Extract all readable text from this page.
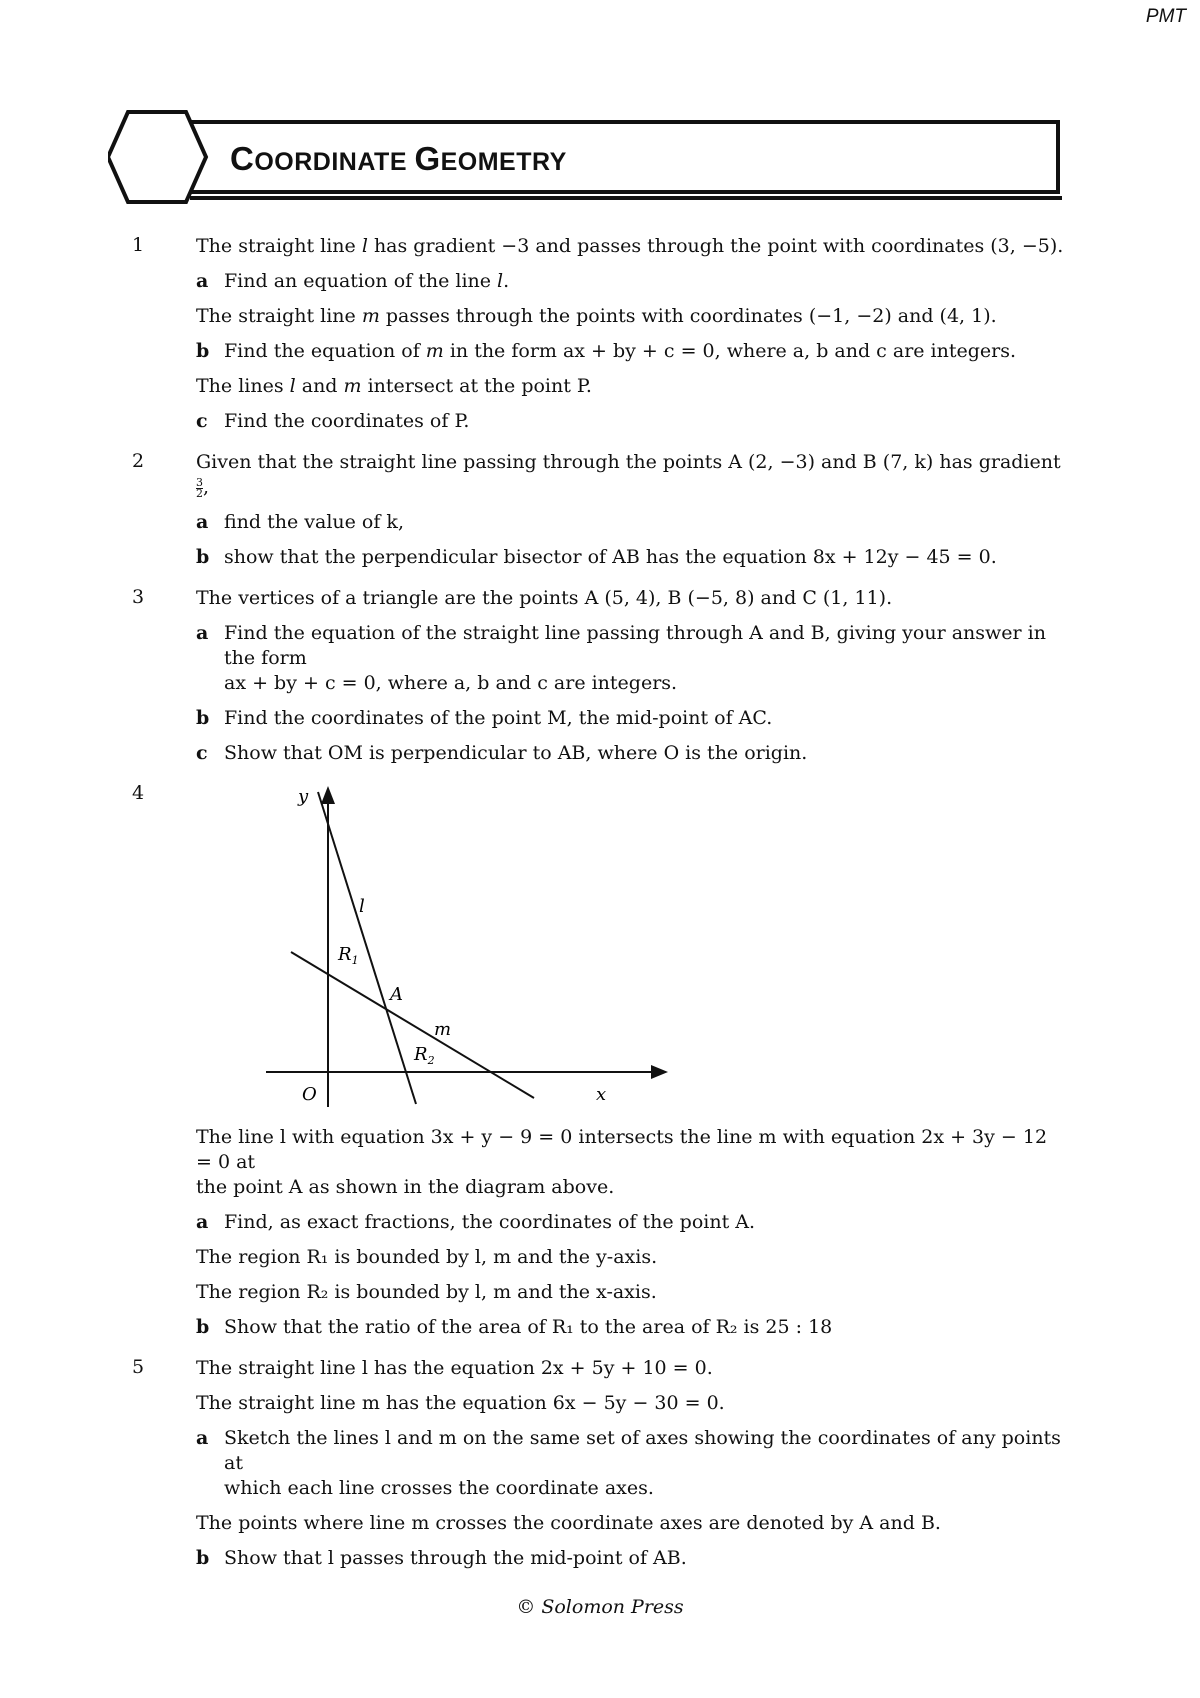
PMT
COORDINATE GEOMETRY
1	The straight line l has gradient −3 and passes through the point with coordinates (3, −5).
a Find an equation of the line l.
The straight line m passes through the points with coordinates (−1, −2) and (4, 1).
b Find the equation of m in the form ax + by + c = 0, where a, b and c are integers.
The lines l and m intersect at the point P.
c Find the coordinates of P.
2	Given that the straight line passing through the points A (2, −3) and B (7, k) has gradient
$\frac{3}{2}$ ,
a find the value of k,
b show that the perpendicular bisector of AB has the equation 8x + 12y − 45 = 0.
3	The vertices of a triangle are the points A (5, 4), B (−5, 8) and C (1, 11).
a Find the equation of the straight line passing through A and B, giving your answer in the form
ax + by + c = 0, where a, b and c are integers.
b Find the coordinates of the point M, the mid-point of AC.
c Show that OM is perpendicular to AB, where O is the origin.
4	y
x
O
l
m
A
$R_1$
$R_2$
The line l with equation 3x + y − 9 = 0 intersects the line m with equation 2x + 3y − 12 = 0 at
the point A as shown in the diagram above.
a Find, as exact fractions, the coordinates of the point A.
The region R₁ is bounded by l, m and the y-axis.
The region R₂ is bounded by l, m and the x-axis.
b Show that the ratio of the area of R₁ to the area of R₂ is 25 : 18
5	The straight line l has the equation 2x + 5y + 10 = 0.
The straight line m has the equation 6x − 5y − 30 = 0.
a Sketch the lines l and m on the same set of axes showing the coordinates of any points at
which each line crosses the coordinate axes.
The points where line m crosses the coordinate axes are denoted by A and B.
b Show that l passes through the mid-point of AB.
© Solomon Press
